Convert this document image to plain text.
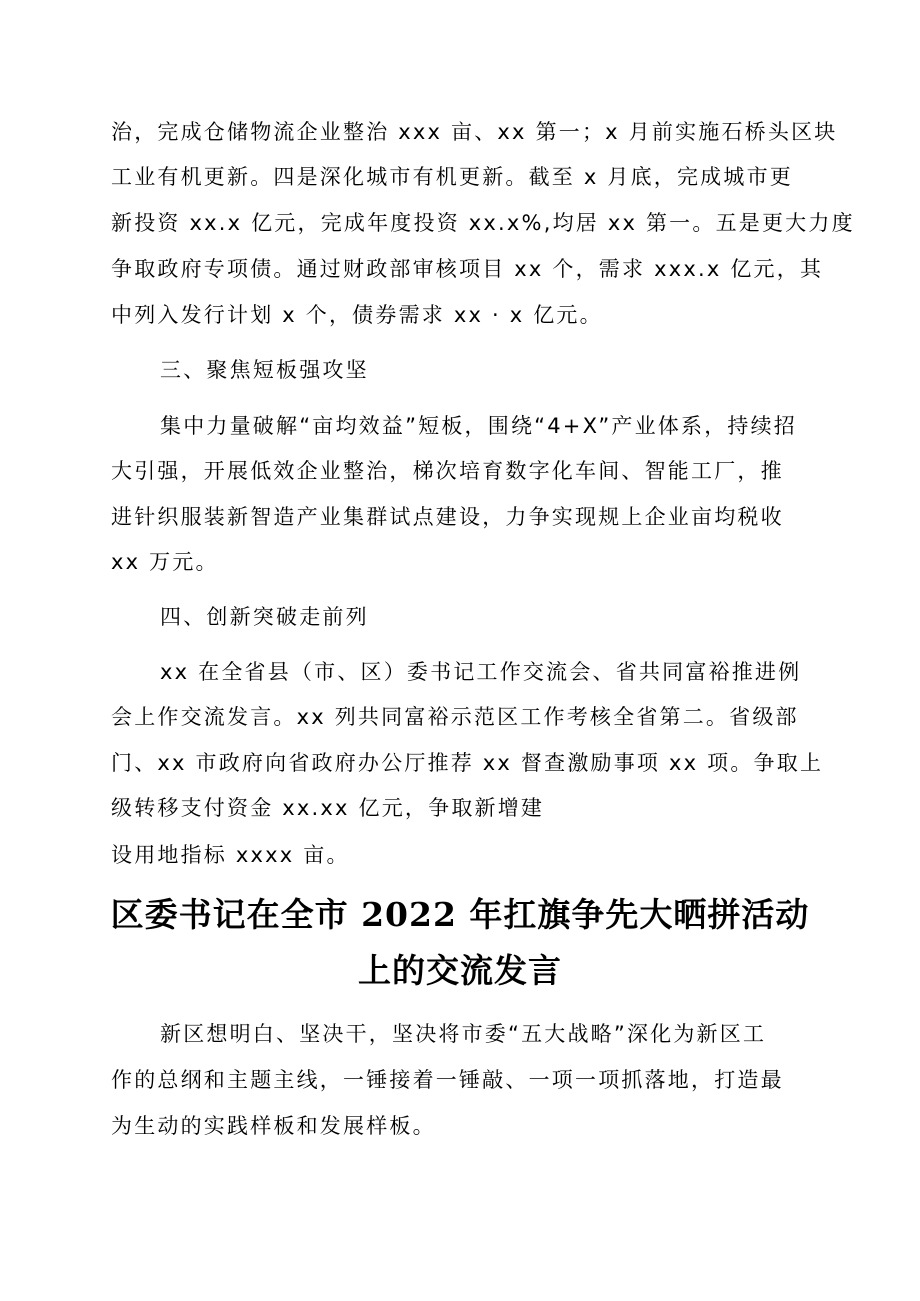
治，完成仓储物流企业整治 xxx 亩、xx 第一；x 月前实施石桥头区块
工业有机更新。四是深化城市有机更新。截至 x 月底，完成城市更
新投资 xx.x 亿元，完成年度投资 xx.x%,均居 xx 第一。五是更大力度
争取政府专项债。通过财政部审核项目 xx 个，需求 xxx.x 亿元，其
中列入发行计划 x 个，债券需求 xx · x 亿元。
三、聚焦短板强攻坚
集中力量破解“亩均效益”短板，围绕“4+X”产业体系，持续招
大引强，开展低效企业整治，梯次培育数字化车间、智能工厂，推
进针织服装新智造产业集群试点建设，力争实现规上企业亩均税收
xx 万元。
四、创新突破走前列
xx 在全省县（市、区）委书记工作交流会、省共同富裕推进例
会上作交流发言。xx 列共同富裕示范区工作考核全省第二。省级部
门、xx 市政府向省政府办公厅推荐 xx 督查激励事项 xx 项。争取上
级转移支付资金 xx.xx 亿元，争取新增建
设用地指标 xxxx 亩。
区委书记在全市 2022 年扛旗争先大晒拼活动
上的交流发言
新区想明白、坚决干，坚决将市委“五大战略”深化为新区工
作的总纲和主题主线，一锤接着一锤敲、一项一项抓落地，打造最
为生动的实践样板和发展样板。
